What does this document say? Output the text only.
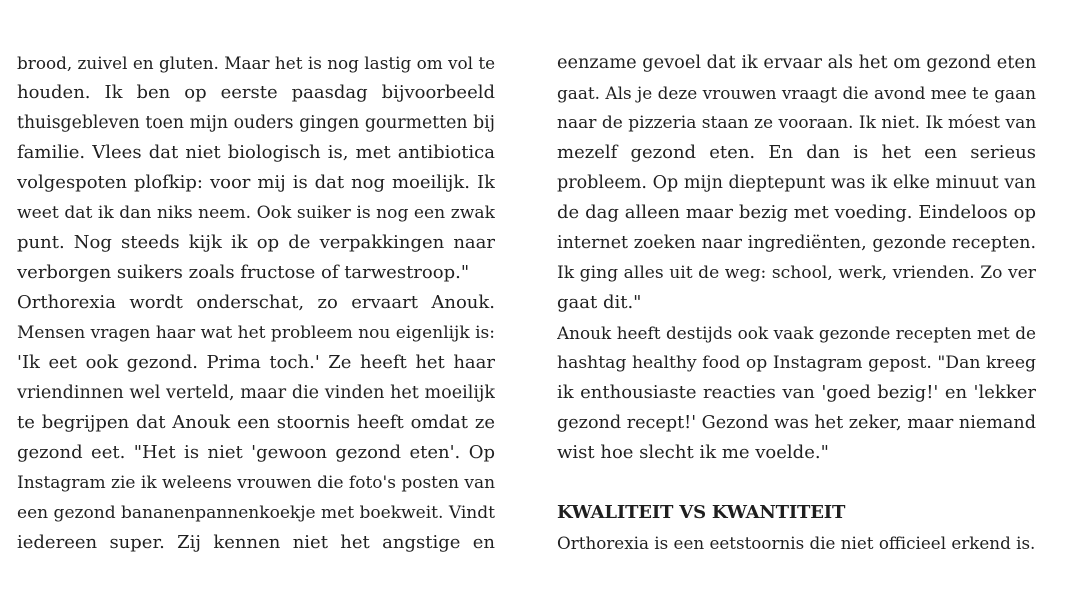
brood, zuivel en gluten. Maar het is nog lastig om vol te
houden. Ik ben op eerste paasdag bijvoorbeeld
thuisgebleven toen mijn ouders gingen gourmetten bij
familie. Vlees dat niet biologisch is, met antibiotica
volgespoten plofkip: voor mij is dat nog moeilijk. Ik
weet dat ik dan niks neem. Ook suiker is nog een zwak
punt. Nog steeds kijk ik op de verpakkingen naar
verborgen suikers zoals fructose of tarwestroop."
Orthorexia wordt onderschat, zo ervaart Anouk.
Mensen vragen haar wat het probleem nou eigenlijk is:
'Ik eet ook gezond. Prima toch.' Ze heeft het haar
vriendinnen wel verteld, maar die vinden het moeilijk
te begrijpen dat Anouk een stoornis heeft omdat ze
gezond eet. "Het is niet 'gewoon gezond eten'. Op
Instagram zie ik weleens vrouwen die foto's posten van
een gezond bananenpannenkoekje met boekweit. Vindt
iedereen super. Zij kennen niet het angstige en
eenzame gevoel dat ik ervaar als het om gezond eten
gaat. Als je deze vrouwen vraagt die avond mee te gaan
naar de pizzeria staan ze vooraan. Ik niet. Ik móest van
mezelf gezond eten. En dan is het een serieus
probleem. Op mijn dieptepunt was ik elke minuut van
de dag alleen maar bezig met voeding. Eindeloos op
internet zoeken naar ingrediënten, gezonde recepten.
Ik ging alles uit de weg: school, werk, vrienden. Zo ver
gaat dit."
Anouk heeft destijds ook vaak gezonde recepten met de
hashtag healthy food op Instagram gepost. "Dan kreeg
ik enthousiaste reacties van 'goed bezig!' en 'lekker
gezond recept!' Gezond was het zeker, maar niemand
wist hoe slecht ik me voelde."
KWALITEIT VS KWANTITEIT
Orthorexia is een eetstoornis die niet officieel erkend is.
